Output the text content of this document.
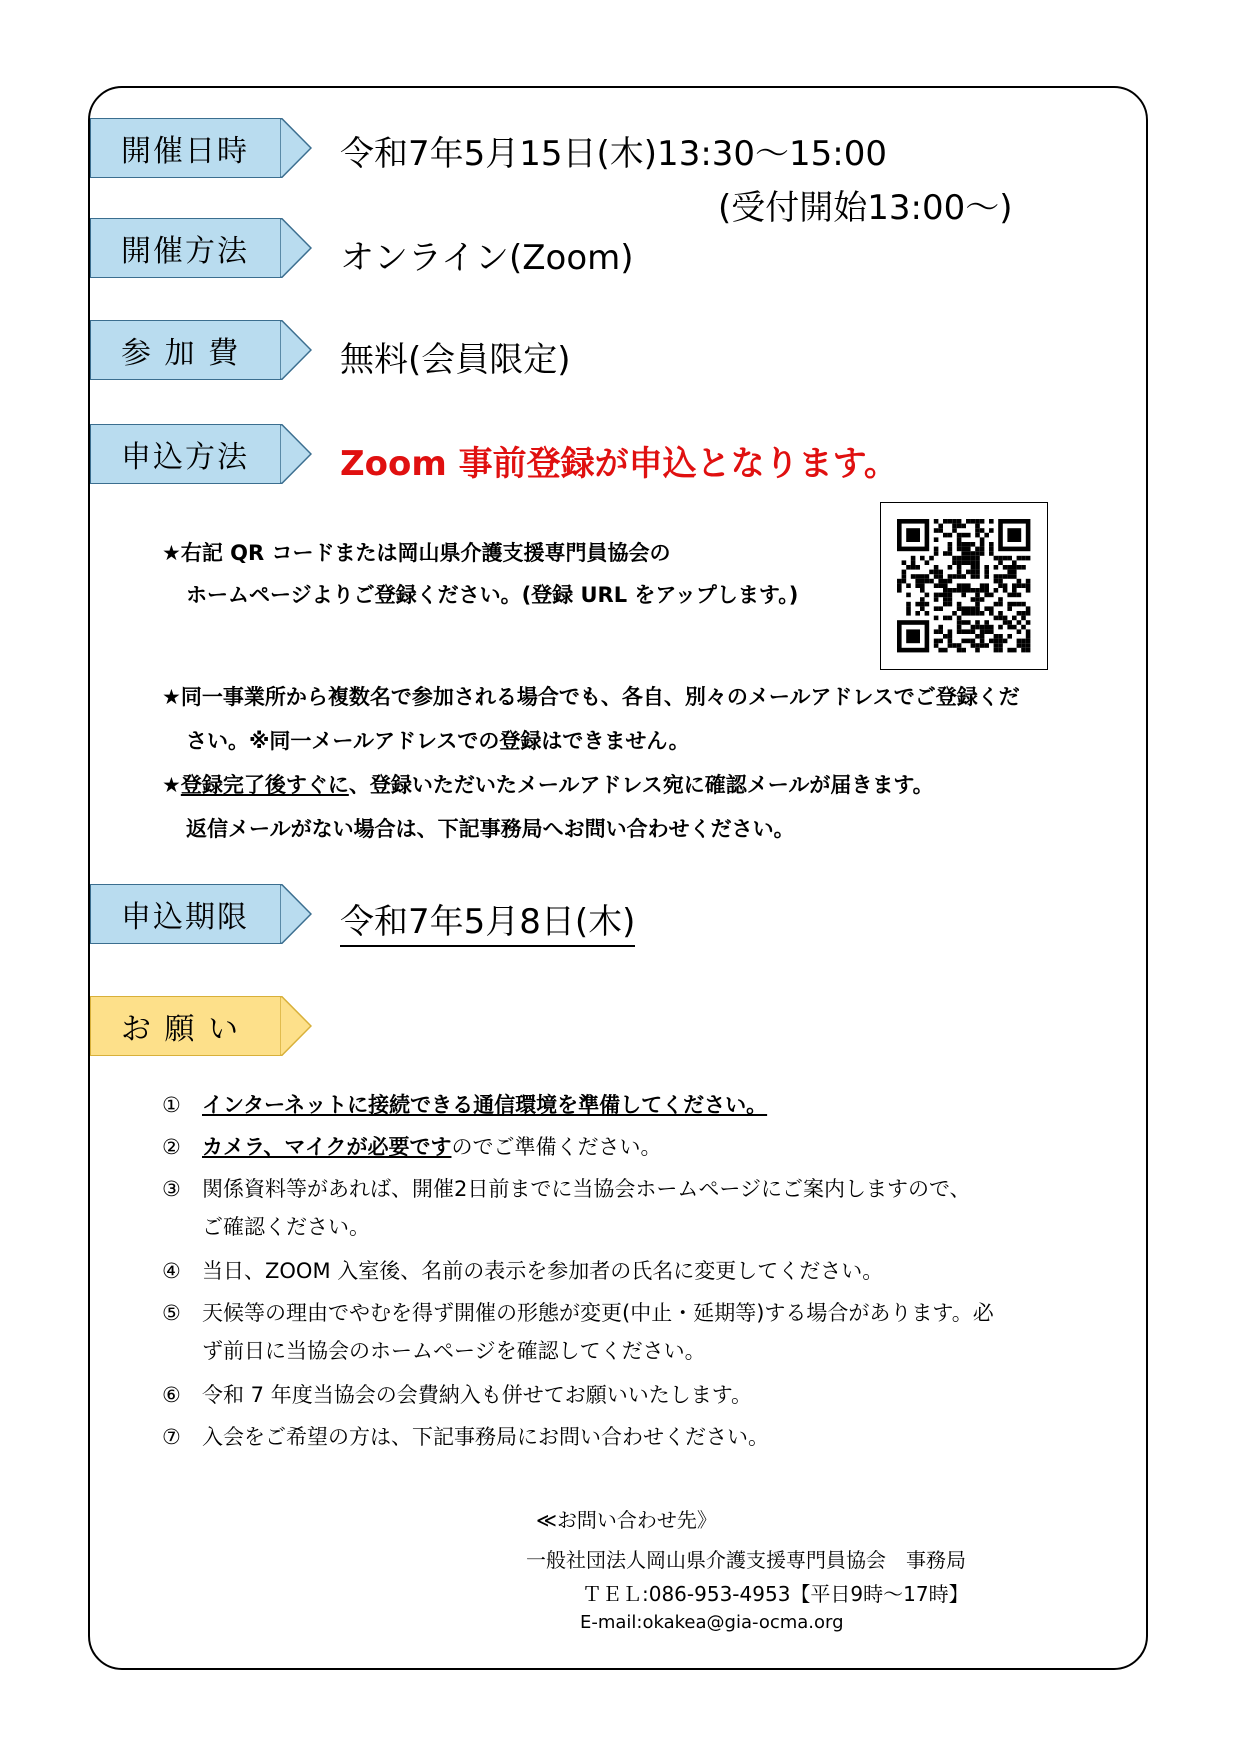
開催日時	令和7年5月15日(木)13:30〜15:00
(受付開始13:00〜)
開催方法	オンライン(Zoom)
参 加 費	無料(会員限定)
申込方法	Zoom 事前登録が申込となります。
★右記 QR コードまたは岡山県介護支援専門員協会の
ホームページよりご登録ください。(登録 URL をアップします。)
★同一事業所から複数名で参加される場合でも、各自、別々のメールアドレスでご登録くだ
さい。※同一メールアドレスでの登録はできません。
★登録完了後すぐに、登録いただいたメールアドレス宛に確認メールが届きます。
返信メールがない場合は、下記事務局へお問い合わせください。
申込期限	令和7年5月8日(木)
お 願 い
① インターネットに接続できる通信環境を準備してください。
② カメラ、マイクが必要ですのでご準備ください。
③ 関係資料等があれば、開催2日前までに当協会ホームページにご案内しますので、
ご確認ください。
④ 当日、ZOOM 入室後、名前の表示を参加者の氏名に変更してください。
⑤ 天候等の理由でやむを得ず開催の形態が変更(中止・延期等)する場合があります。必
ず前日に当協会のホームページを確認してください。
⑥ 令和 7 年度当協会の会費納入も併せてお願いいたします。
⑦ 入会をご希望の方は、下記事務局にお問い合わせください。
≪お問い合わせ先》
一般社団法人岡山県介護支援専門員協会　事務局
ＴＥＬ:086-953-4953【平日9時〜17時】
E-mail:okakea@gia-ocma.org
